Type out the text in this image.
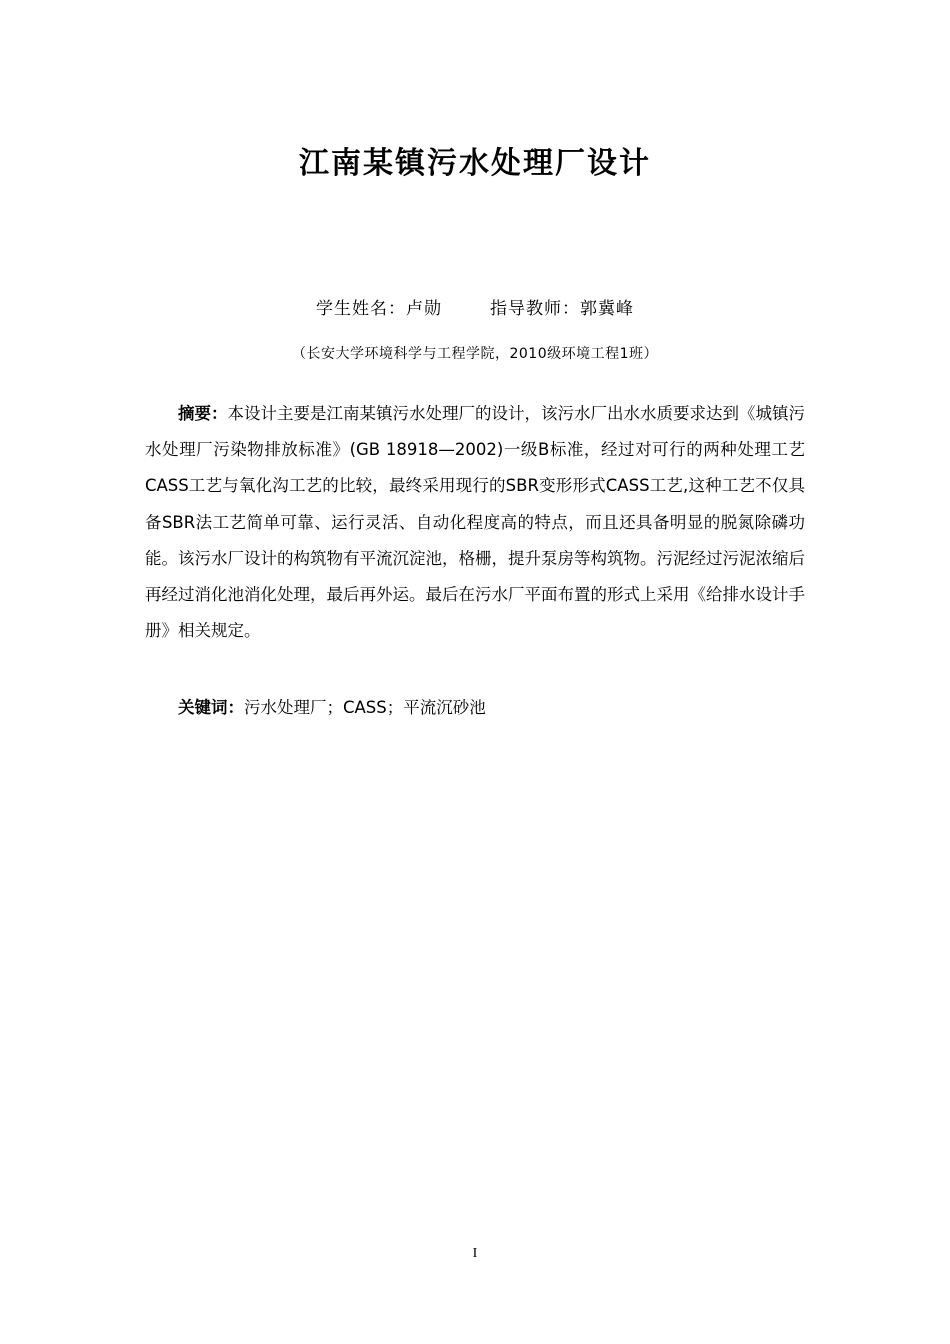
江南某镇污水处理厂设计
学生姓名：卢勋	指导教师：郭冀峰
（长安大学环境科学与工程学院，2010级环境工程1班）

摘要：本设计主要是江南某镇污水处理厂的设计，该污水厂出水水质要求达到《城镇污水处理厂污染物排放标准》(GB 18918—2002)一级B标准，经过对可行的两种处理工艺CASS工艺与氧化沟工艺的比较，最终采用现行的SBR变形形式CASS工艺,这种工艺不仅具备SBR法工艺简单可靠、运行灵活、自动化程度高的特点，而且还具备明显的脱氮除磷功能。该污水厂设计的构筑物有平流沉淀池，格栅，提升泵房等构筑物。污泥经过污泥浓缩后再经过消化池消化处理，最后再外运。最后在污水厂平面布置的形式上采用《给排水设计手册》相关规定。

关键词：污水处理厂；CASS；平流沉砂池

I
